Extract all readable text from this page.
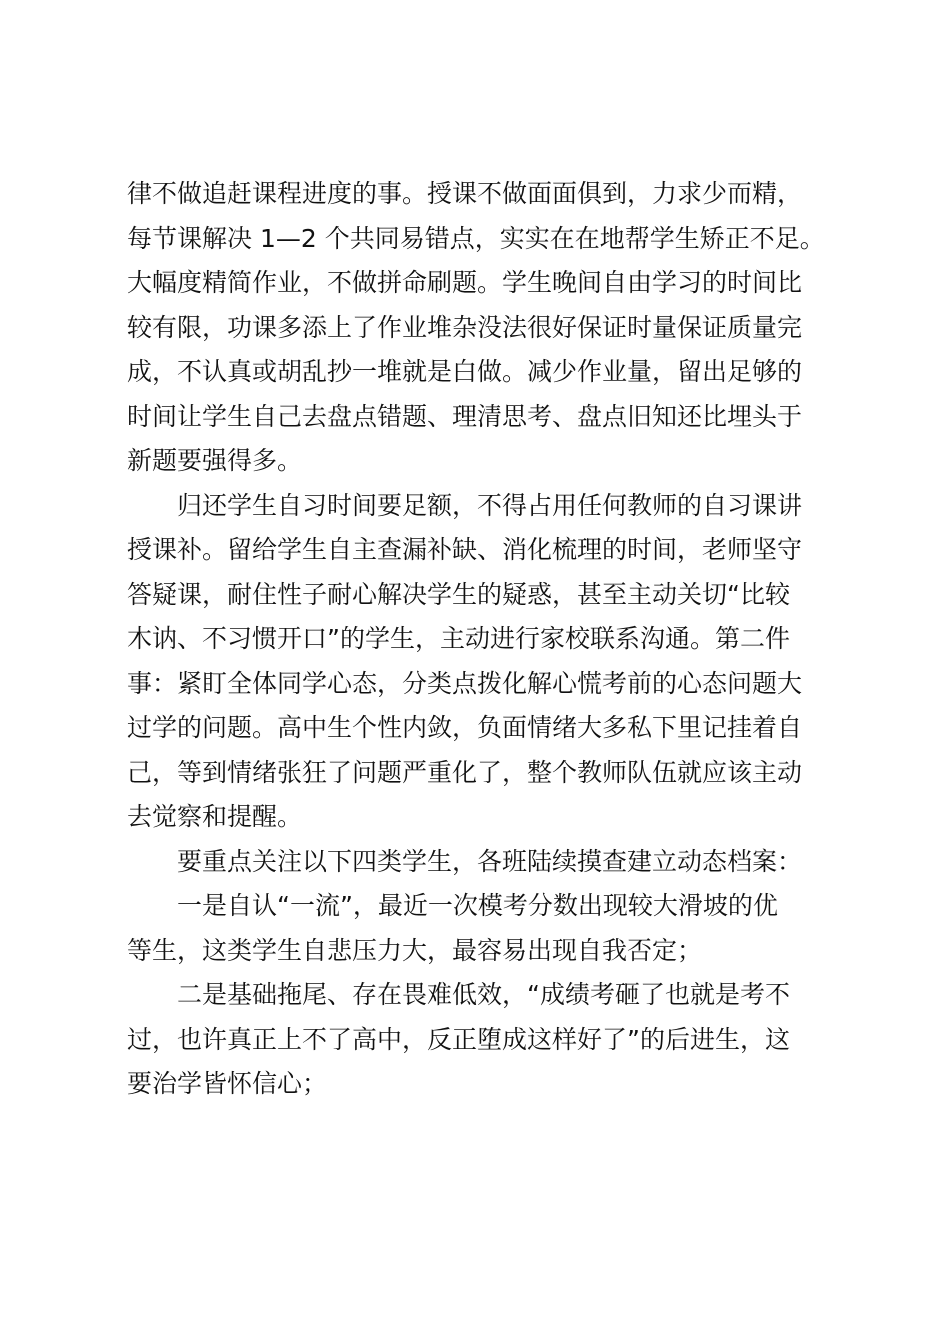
律不做追赶课程进度的事。授课不做面面俱到，力求少而精，
每节课解决 1—2 个共同易错点，实实在在地帮学生矫正不足。
大幅度精简作业，不做拼命刷题。学生晚间自由学习的时间比
较有限，功课多添上了作业堆杂没法很好保证时量保证质量完
成，不认真或胡乱抄一堆就是白做。减少作业量，留出足够的
时间让学生自己去盘点错题、理清思考、盘点旧知还比埋头于
新题要强得多。
归还学生自习时间要足额，不得占用任何教师的自习课讲
授课补。留给学生自主查漏补缺、消化梳理的时间，老师坚守
答疑课，耐住性子耐心解决学生的疑惑，甚至主动关切“比较
木讷、不习惯开口”的学生，主动进行家校联系沟通。第二件
事：紧盯全体同学心态，分类点拨化解心慌考前的心态问题大
过学的问题。高中生个性内敛，负面情绪大多私下里记挂着自
己，等到情绪张狂了问题严重化了，整个教师队伍就应该主动
去觉察和提醒。
要重点关注以下四类学生，各班陆续摸查建立动态档案：
一是自认“一流”，最近一次模考分数出现较大滑坡的优
等生，这类学生自悲压力大，最容易出现自我否定；
二是基础拖尾、存在畏难低效，“成绩考砸了也就是考不
过，也许真正上不了高中，反正堕成这样好了”的后进生，这
要治学皆怀信心；
